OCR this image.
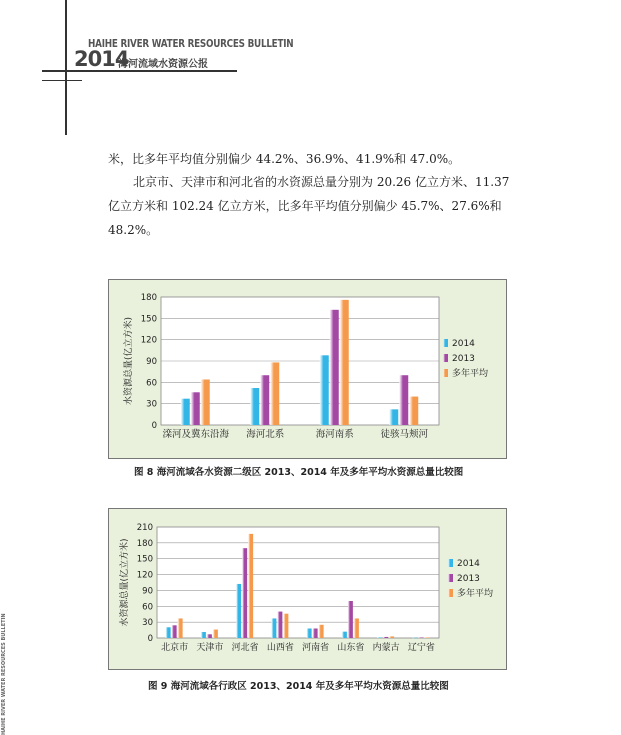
HAIHE RIVER WATER RESOURCES BULLETIN
2014
海河流域水资源公报
米，比多年平均值分别偏少 44.2%、36.9%、41.9%和 47.0%。
北京市、天津市和河北省的水资源总量分别为 20.26 亿立方米、11.37
亿立方米和 102.24 亿立方米，比多年平均值分别偏少 45.7%、27.6%和
48.2%。
0
30
60
90
120
150
180
水资源总量(亿立方米)
滦河及冀东沿海 海河北系	海河南系	徒骇马颊河
2014
2013
多年平均
图 8 海河流域各水资源二级区 2013、2014 年及多年平均水资源总量比较图
0
30
60
90
120
150
180
210
水资源总量(亿立方米)
北京市 天津市 河北省 山西省 河南省 山东省 内蒙古 辽宁省
2014
2013
多年平均
图 9 海河流域各行政区 2013、2014 年及多年平均水资源总量比较图
HAIHE RIVER WATER RESOURCES BULLETIN
